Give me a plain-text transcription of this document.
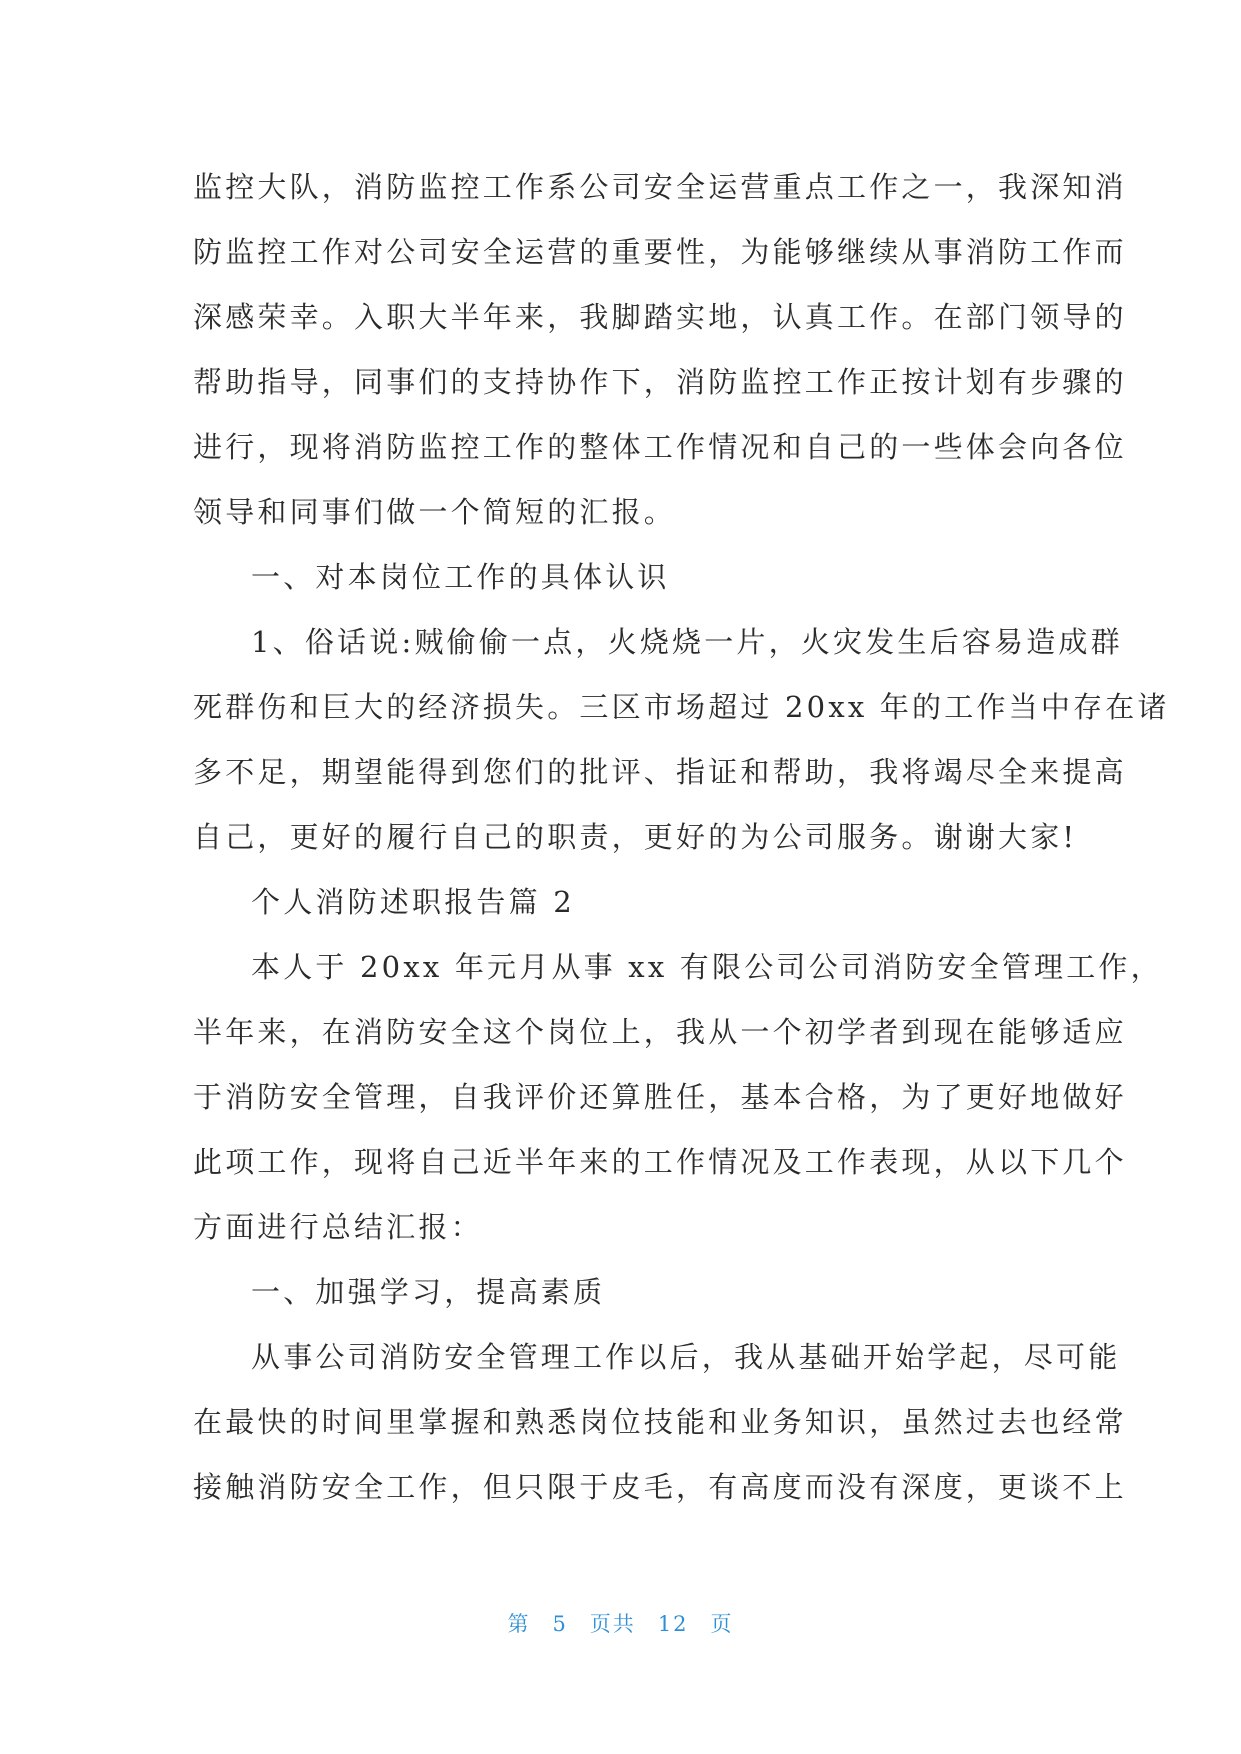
监控大队，消防监控工作系公司安全运营重点工作之一，我深知消
防监控工作对公司安全运营的重要性，为能够继续从事消防工作而
深感荣幸。入职大半年来，我脚踏实地，认真工作。在部门领导的
帮助指导，同事们的支持协作下，消防监控工作正按计划有步骤的
进行，现将消防监控工作的整体工作情况和自己的一些体会向各位
领导和同事们做一个简短的汇报。
一、对本岗位工作的具体认识
1、俗话说:贼偷偷一点，火烧烧一片，火灾发生后容易造成群
死群伤和巨大的经济损失。三区市场超过 20xx 年的工作当中存在诸
多不足，期望能得到您们的批评、指证和帮助，我将竭尽全来提高
自己，更好的履行自己的职责，更好的为公司服务。谢谢大家!
个人消防述职报告篇 2
本人于 20xx 年元月从事 xx 有限公司公司消防安全管理工作，
半年来，在消防安全这个岗位上，我从一个初学者到现在能够适应
于消防安全管理，自我评价还算胜任，基本合格，为了更好地做好
此项工作，现将自己近半年来的工作情况及工作表现，从以下几个
方面进行总结汇报：
一、加强学习，提高素质
从事公司消防安全管理工作以后，我从基础开始学起，尽可能
在最快的时间里掌握和熟悉岗位技能和业务知识，虽然过去也经常
接触消防安全工作，但只限于皮毛，有高度而没有深度，更谈不上
第 5 页共 12 页
